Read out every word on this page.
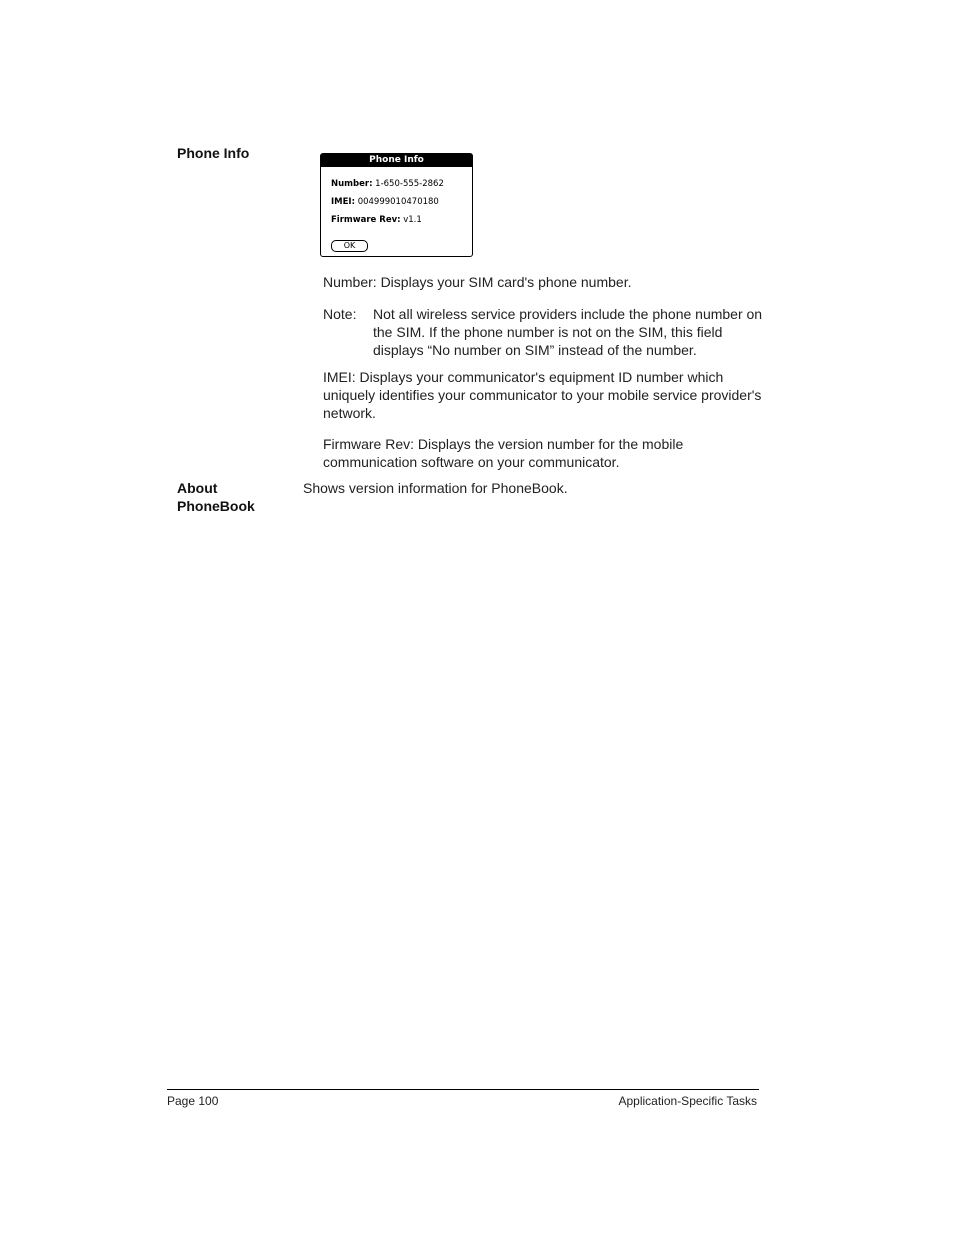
Phone Info	Phone Info
Number: 1-650-555-2862
IMEI: 004999010470180
Firmware Rev: v1.1
OK
Number: Displays your SIM card's phone number.
Note: Not all wireless service providers include the phone number on
the SIM. If the phone number is not on the SIM, this field
displays “No number on SIM” instead of the number.
IMEI: Displays your communicator's equipment ID number which
uniquely identifies your communicator to your mobile service provider's
network.
Firmware Rev: Displays the version number for the mobile
communication software on your communicator.
About
PhoneBook
Shows version information for PhoneBook.
Page 100	Application-Specific Tasks
